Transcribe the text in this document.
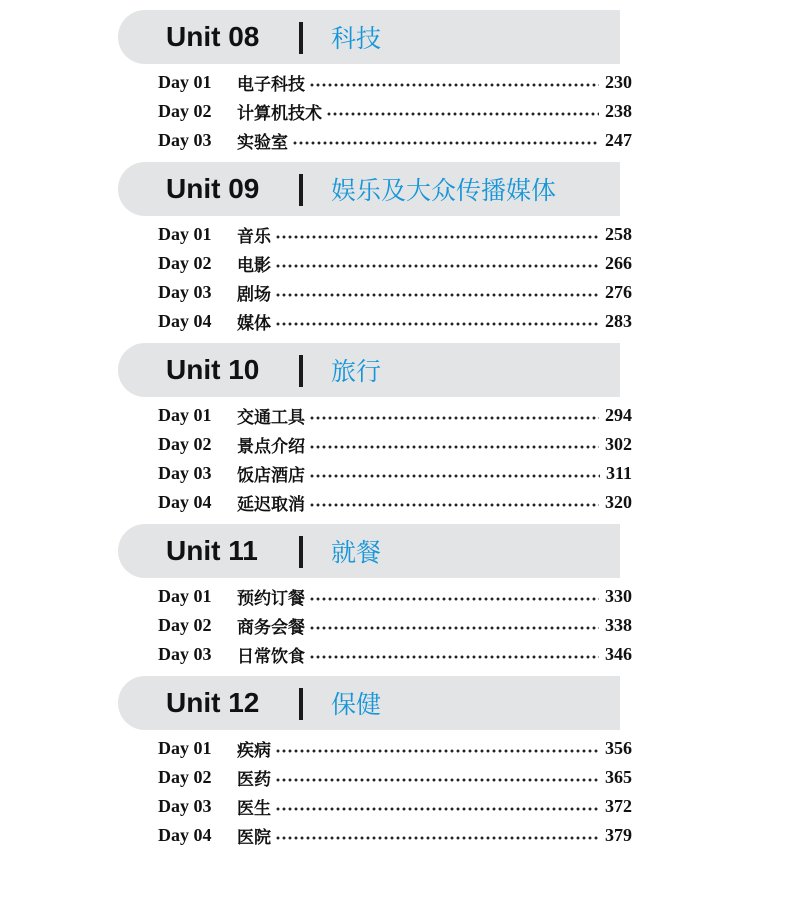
Unit 08	科技
Day 01	电子科技	230
Day 02	计算机技术	238
Day 03	实验室	247
Unit 09	娱乐及大众传播媒体
Day 01	音乐	258
Day 02	电影	266
Day 03	剧场	276
Day 04	媒体	283
Unit 10	旅行
Day 01	交通工具	294
Day 02	景点介绍	302
Day 03	饭店酒店	311
Day 04	延迟取消	320
Unit 11	就餐
Day 01	预约订餐	330
Day 02	商务会餐	338
Day 03	日常饮食	346
Unit 12	保健
Day 01	疾病	356
Day 02	医药	365
Day 03	医生	372
Day 04	医院	379
